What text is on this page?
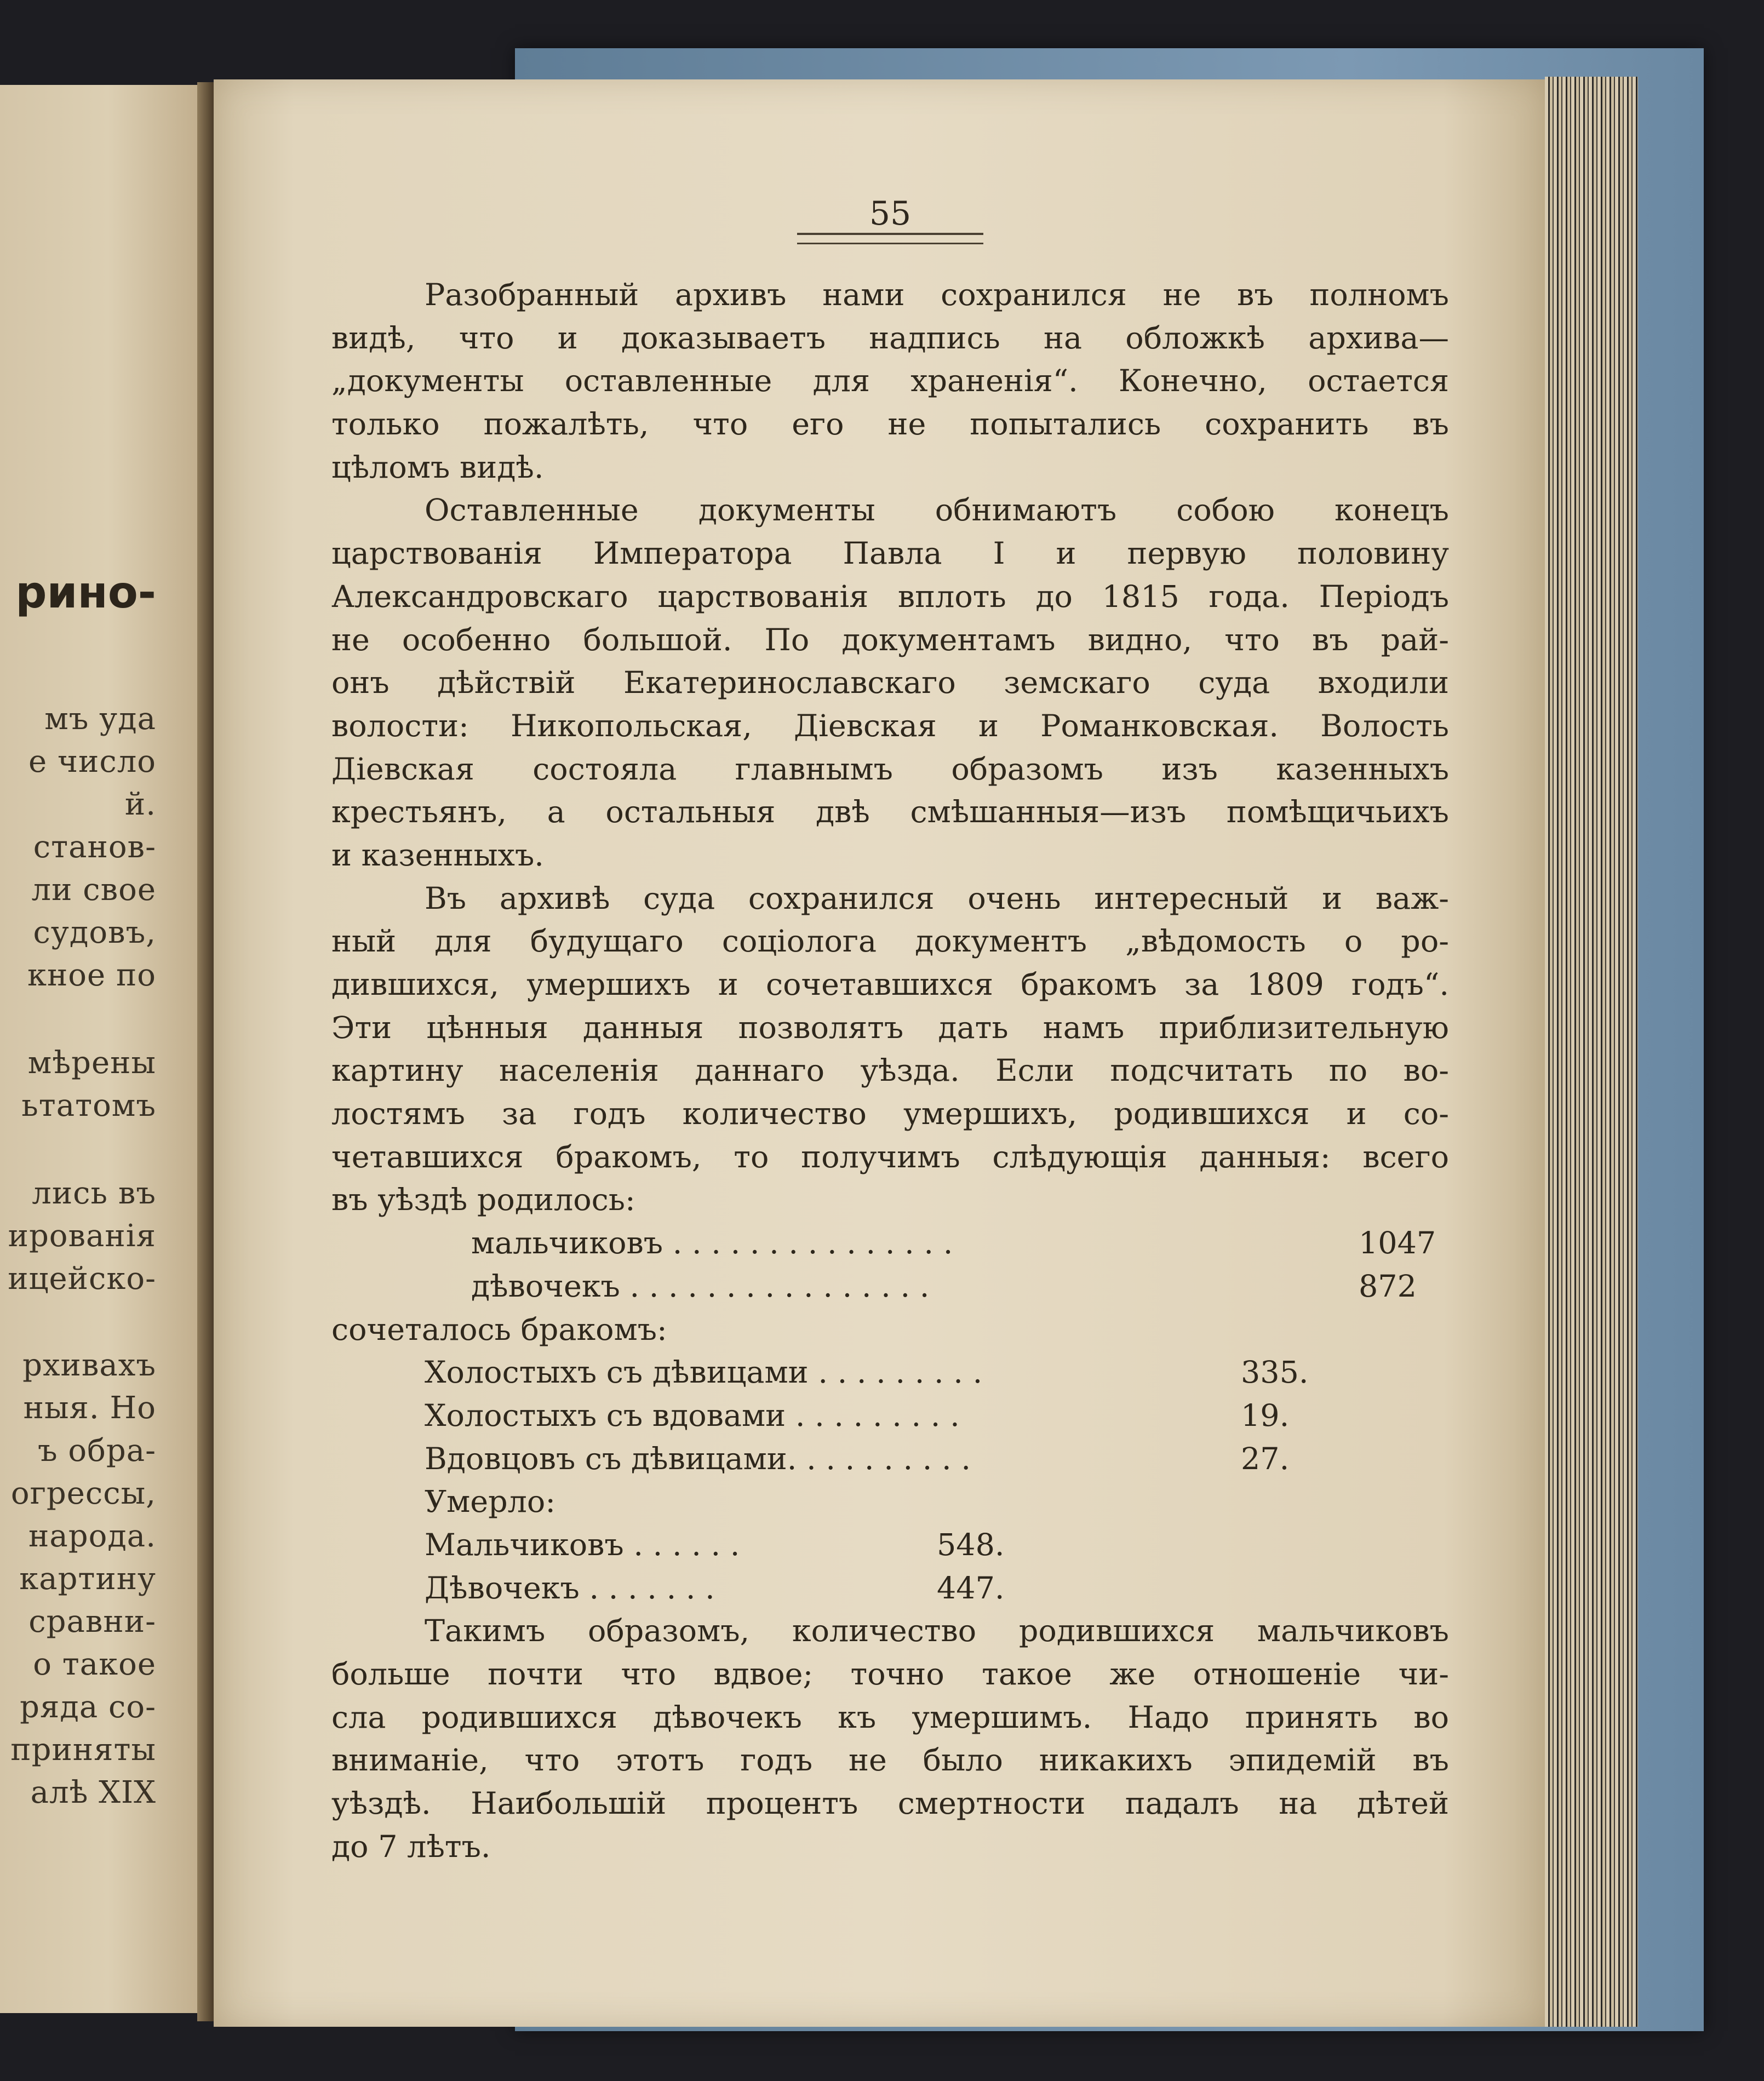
рино-
мъ уда
е число
й.
станов-
ли свое
судовъ,
кное по
мѣрены
ьтатомъ
лись въ
ированія
ицейско-
рхивахъ
ныя. Но
ъ обра-
огрессы,
народа.
картину
сравни-
о такое
ряда со-
приняты
алѣ XIX
55
Разобранный архивъ нами сохранился не въ полномъ
видѣ, что и доказываетъ надпись на обложкѣ архива—
„документы оставленные для храненія“. Конечно, остается
только пожалѣть, что его не попытались сохранить въ
цѣломъ видѣ.
Оставленные документы обнимаютъ собою конецъ
царствованія Императора Павла I и первую половину
Александровскаго царствованія вплоть до 1815 года. Періодъ
не особенно большой. По документамъ видно, что въ рай-
онъ дѣйствій Екатеринославскаго земскаго суда входили
волости: Никопольская, Діевская и Романковская. Волость
Діевская состояла главнымъ образомъ изъ казенныхъ
крестьянъ, а остальныя двѣ смѣшанныя—изъ помѣщичьихъ
и казенныхъ.
Въ архивѣ суда сохранился очень интересный и важ-
ный для будущаго соціолога документъ „вѣдомость о ро-
дившихся, умершихъ и сочетавшихся бракомъ за 1809 годъ“.
Эти цѣнныя данныя позволятъ дать намъ приблизительную
картину населенія даннаго уѣзда. Если подсчитать по во-
лостямъ за годъ количество умершихъ, родившихся и со-
четавшихся бракомъ, то получимъ слѣдующія данныя: всего
въ уѣздѣ родилось:
мальчиковъ . . . . . . . . . . . . . . .	1047
дѣвочекъ . . . . . . . . . . . . . . . .	872
сочеталось бракомъ:
Холостыхъ съ дѣвицами . . . . . . . . .	335.
Холостыхъ съ вдовами . . . . . . . . .	19.
Вдовцовъ съ дѣвицами. . . . . . . . . .	27.
Умерло:
Мальчиковъ . . . . . .	548.
Дѣвочекъ . . . . . . .	447.
Такимъ образомъ, количество родившихся мальчиковъ
больше почти что вдвое; точно такое же отношеніе чи-
сла родившихся дѣвочекъ къ умершимъ. Надо принять во
вниманіе, что этотъ годъ не было никакихъ эпидемій въ
уѣздѣ. Наибольшій процентъ смертности падалъ на дѣтей
до 7 лѣтъ.
